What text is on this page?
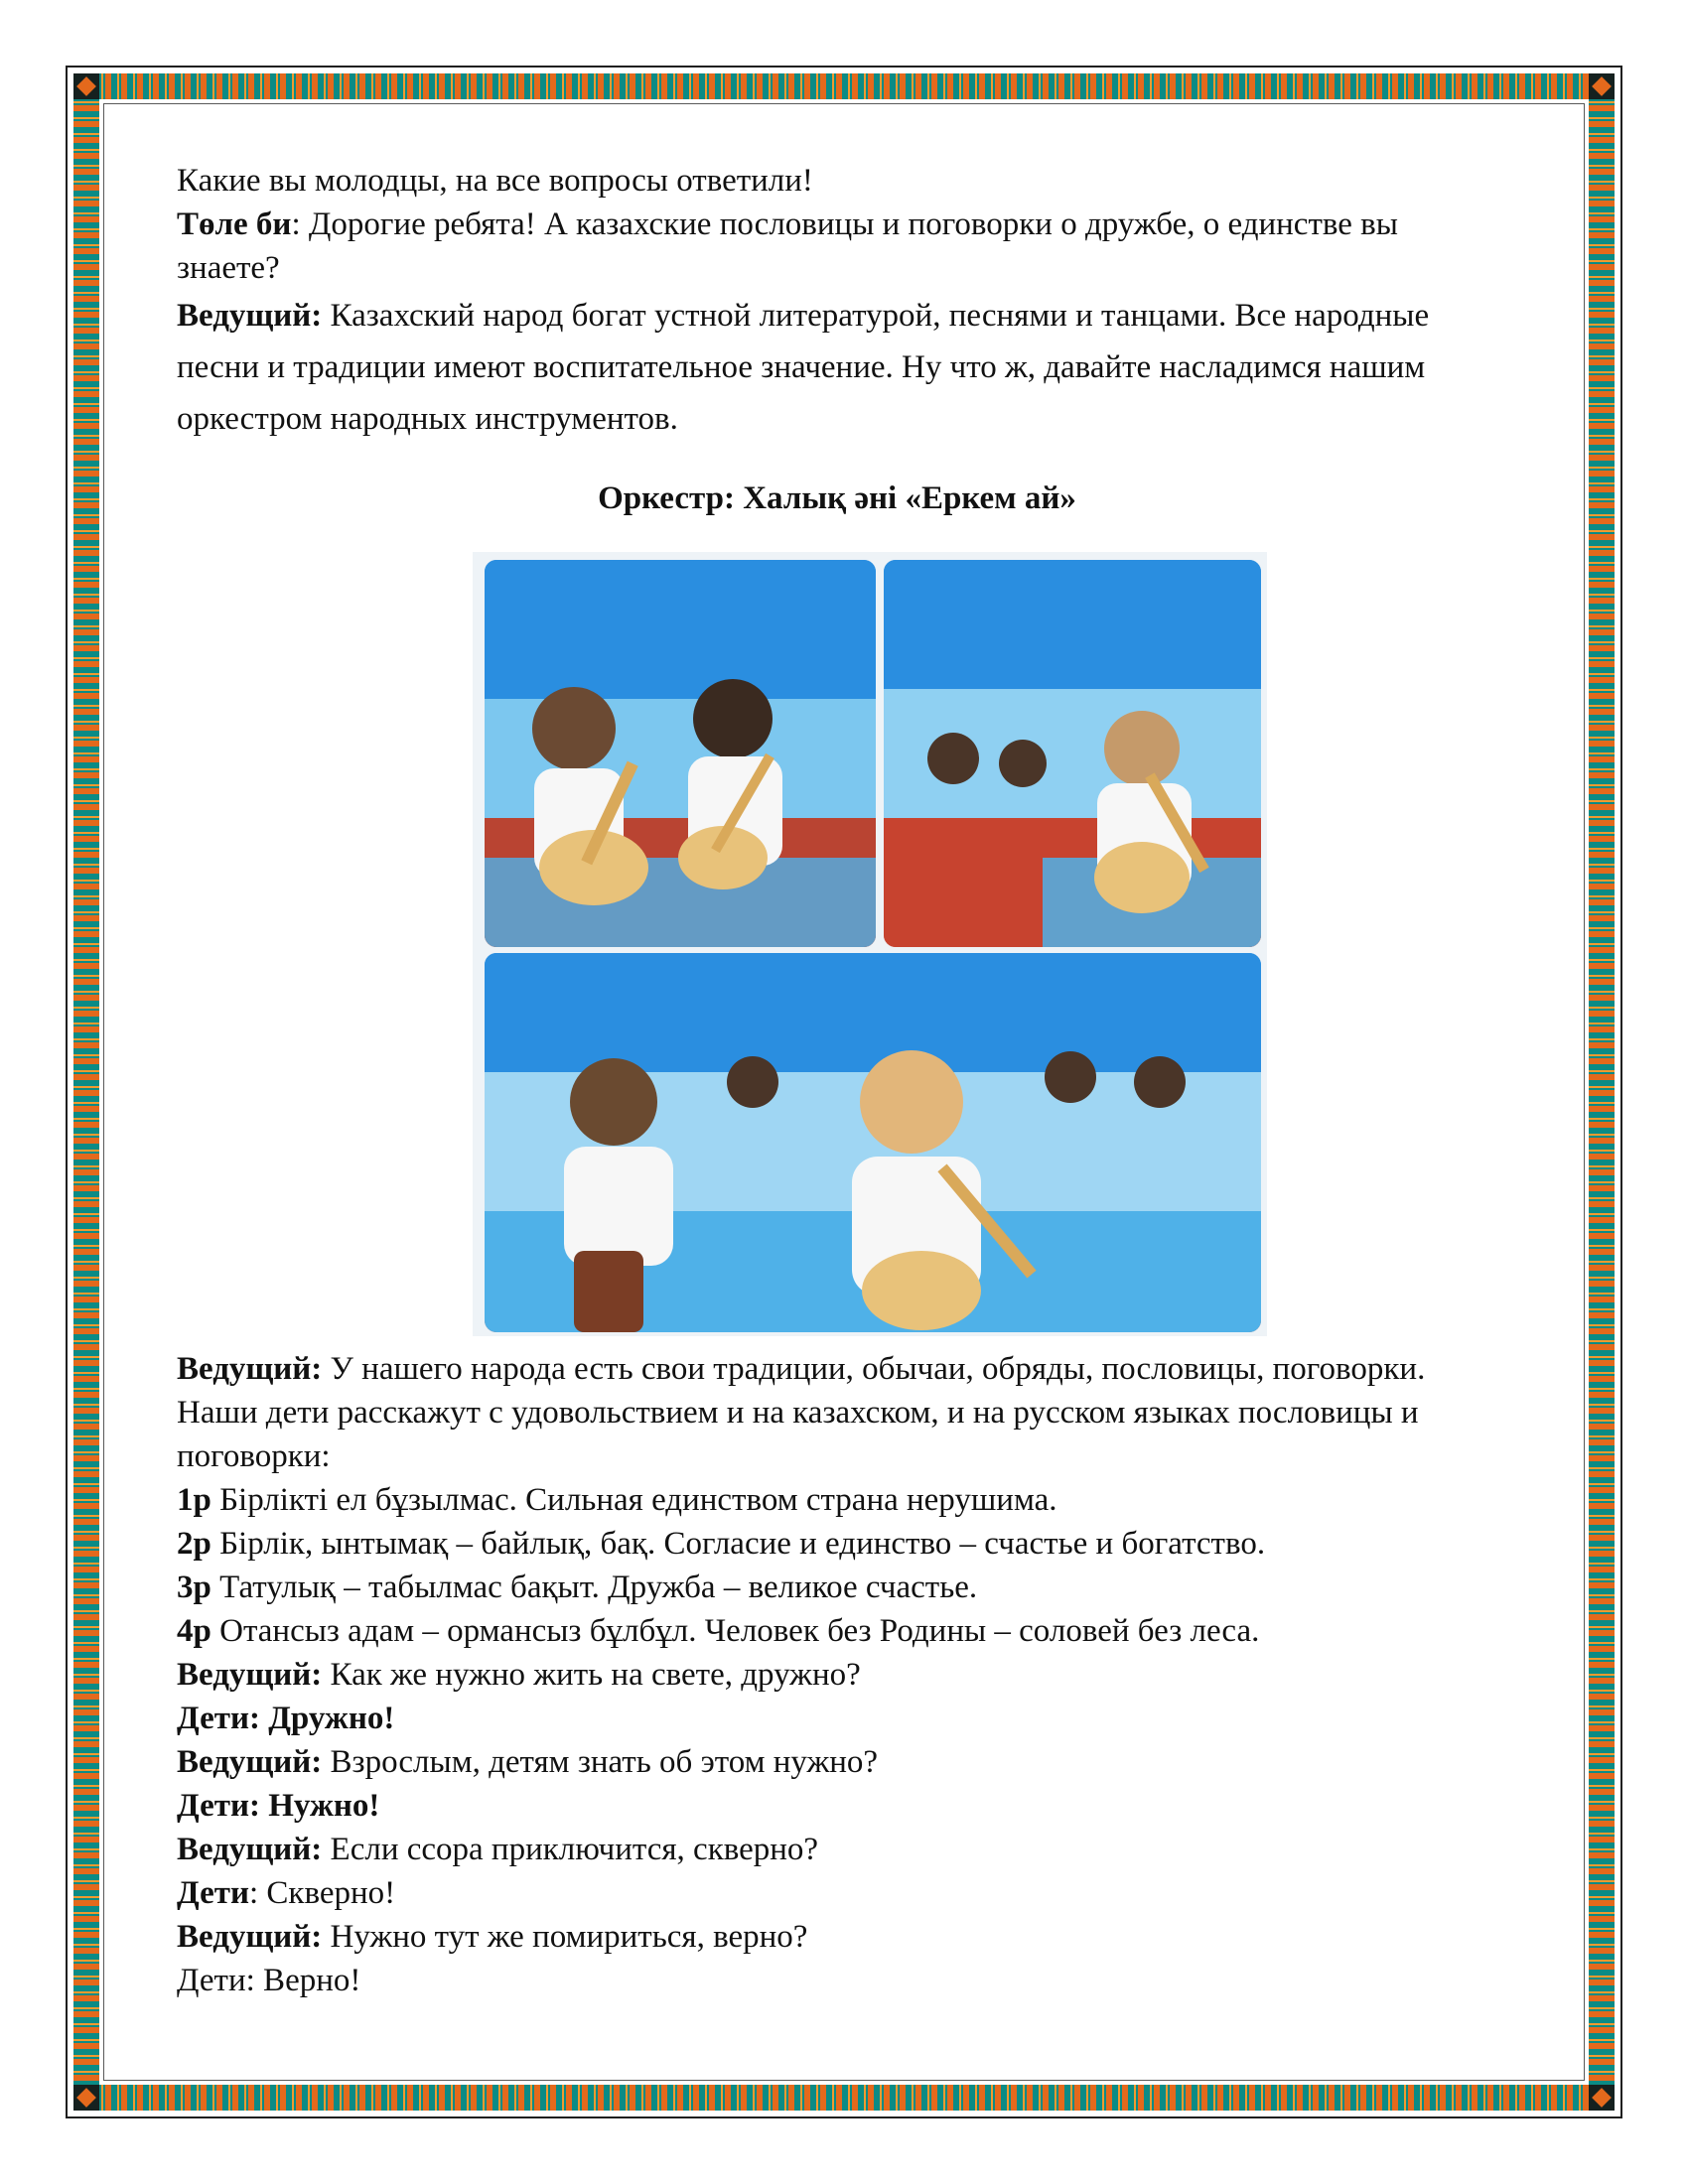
Какие вы молодцы, на все вопросы ответили!

Төле би: Дорогие ребята! А казахские пословицы и поговорки о дружбе, о единстве вы знаете?

Ведущий: Казахский народ богат устной литературой, песнями и танцами. Все народные песни и традиции имеют воспитательное значение. Ну что ж, давайте насладимся нашим оркестром народных инструментов.

Оркестр: Халық әні «Еркем ай»

Ведущий: У нашего народа есть свои традиции, обычаи, обряды, пословицы, поговорки. Наши дети расскажут с удовольствием и на казахском, и на русском языках пословицы и поговорки:

1р Бірлікті ел бұзылмас. Сильная единством страна нерушима.

2р Бірлік, ынтымақ – байлық, бақ. Согласие и единство – счастье и богатство.

3р Татулық – табылмас бақыт. Дружба – великое счастье.

4р Отансыз адам – ормансыз бұлбұл. Человек без Родины – соловей без леса.

Ведущий: Как же нужно жить на свете, дружно?

Дети: Дружно!

Ведущий: Взрослым, детям знать об этом нужно?

Дети: Нужно!

Ведущий: Если ссора приключится, скверно?

Дети: Скверно!

Ведущий: Нужно тут же помириться, верно?

Дети: Верно!
